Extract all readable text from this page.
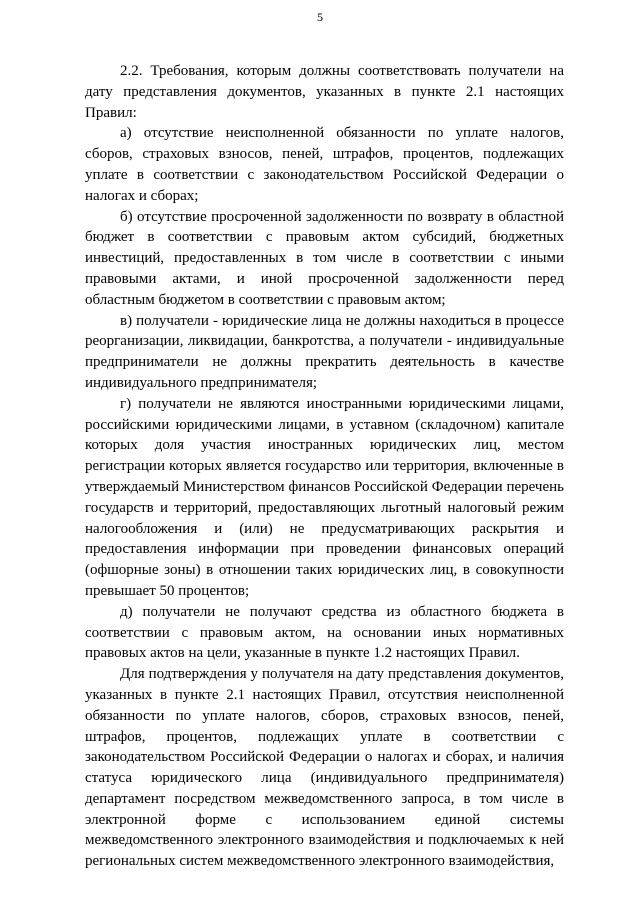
5

2.2. Требования, которым должны соответствовать получатели на дату представления документов, указанных в пункте 2.1 настоящих Правил:

а) отсутствие неисполненной обязанности по уплате налогов, сборов, страховых взносов, пеней, штрафов, процентов, подлежащих уплате в соответствии с законодательством Российской Федерации о налогах и сборах;

б) отсутствие просроченной задолженности по возврату в областной бюджет в соответствии с правовым актом субсидий, бюджетных инвестиций, предоставленных в том числе в соответствии с иными правовыми актами, и иной просроченной задолженности перед областным бюджетом в соответствии с правовым актом;

в) получатели - юридические лица не должны находиться в процессе реорганизации, ликвидации, банкротства, а получатели - индивидуальные предприниматели не должны прекратить деятельность в качестве индивидуального предпринимателя;

г) получатели не являются иностранными юридическими лицами, российскими юридическими лицами, в уставном (складочном) капитале которых доля участия иностранных юридических лиц, местом регистрации которых является государство или территория, включенные в утверждаемый Министерством финансов Российской Федерации перечень государств и территорий, предоставляющих льготный налоговый режим налогообложения и (или) не предусматривающих раскрытия и предоставления информации при проведении финансовых операций (офшорные зоны) в отношении таких юридических лиц, в совокупности превышает 50 процентов;

д) получатели не получают средства из областного бюджета в соответствии с правовым актом, на основании иных нормативных правовых актов на цели, указанные в пункте 1.2 настоящих Правил.

Для подтверждения у получателя на дату представления документов, указанных в пункте 2.1 настоящих Правил, отсутствия неисполненной обязанности по уплате налогов, сборов, страховых взносов, пеней, штрафов, процентов, подлежащих уплате в соответствии с законодательством Российской Федерации о налогах и сборах, и наличия статуса юридического лица (индивидуального предпринимателя) департамент посредством межведомственного запроса, в том числе в электронной форме с использованием единой системы межведомственного электронного взаимодействия и подключаемых к ней региональных систем межведомственного электронного взаимодействия,
